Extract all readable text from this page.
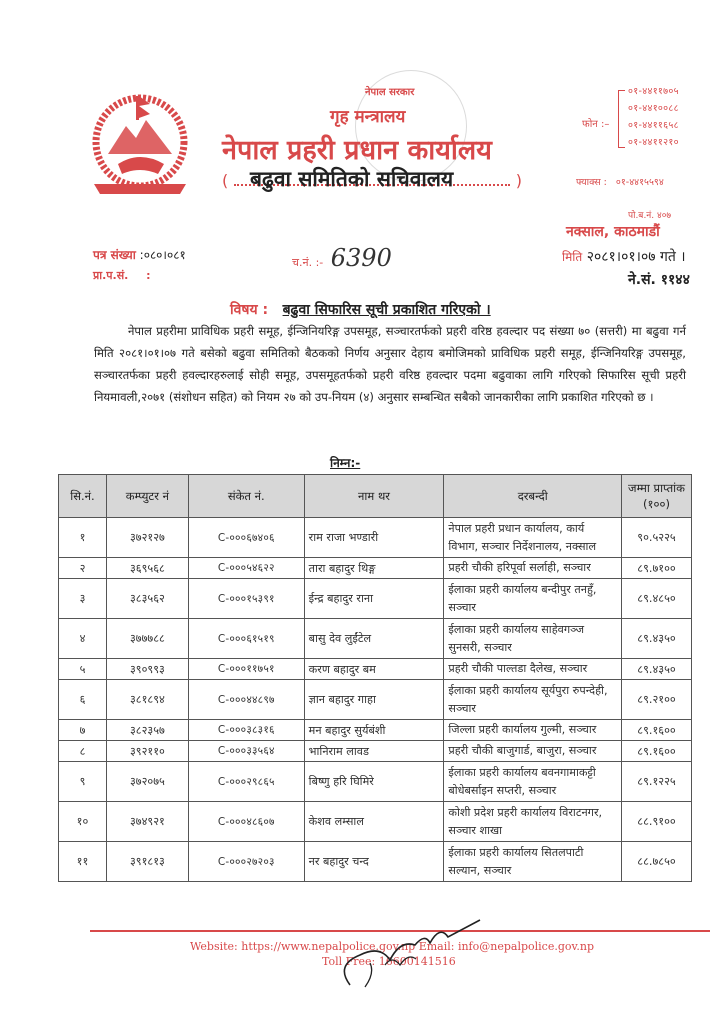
नेपाल सरकार
गृह मन्त्रालय
नेपाल प्रहरी प्रधान कार्यालय
( बढुवा समितिको सचिवालय	)
फोन :–
०१-४४११७०५
०१-४४१००८८
०१-४४११६५८
०१-४४११२१०
फ्याक्स : ०१-४४१५५९४
पो.ब.नं. ४०७
नक्साल, काठमाडौं
मिति २०८१।०१।०७ गते ।
ने.सं. ११४४
पत्र संख्या :०८०।०८१
प्रा.प.सं. :
च.नं. :- 6390
विषय : बढुवा सिफारिस सूची प्रकाशित गरिएको ।
नेपाल प्रहरीमा प्राविधिक प्रहरी समूह, ईन्जिनियरिङ्ग उपसमूह, सञ्चारतर्फको प्रहरी वरिष्ठ हवल्दार पद संख्या ७० (सत्तरी) मा बढुवा गर्न मिति २०८१।०१।०७ गते बसेको बढुवा समितिको बैठकको निर्णय अनुसार देहाय बमोजिमको प्राविधिक प्रहरी समूह, ईन्जिनियरिङ्ग उपसमूह, सञ्चारतर्फका प्रहरी हवल्दारहरुलाई सोही समूह, उपसमूहतर्फको प्रहरी वरिष्ठ हवल्दार पदमा बढुवाका लागि गरिएको सिफारिस सूची प्रहरी नियमावली,२०७१ (संशोधन सहित) को नियम २७ को उप-नियम (४) अनुसार सम्बन्धित सबैको जानकारीका लागि प्रकाशित गरिएको छ ।
निम्न:-
सि.नं.	कम्प्युटर नं	संकेत नं.	नाम थर	दरबन्दी	जम्मा प्राप्तांक (१००)
१	३७२१२७	C-०००६७४०६	राम राजा भण्डारी	नेपाल प्रहरी प्रधान कार्यालय, कार्य विभाग, सञ्चार निर्देशनालय, नक्साल	९०.५२२५
२	३६९५६८	C-०००५४६२२	तारा बहादुर थिङ्ग	प्रहरी चौकी हरिपूर्वा सर्लाही, सञ्चार	८९.७१००
३	३८३५६२	C-०००१५३९१	ईन्द्र बहादुर राना	ईलाका प्रहरी कार्यालय बन्दीपुर तनहुँ, सञ्चार	८९.४८५०
४	३७७७८८	C-०००६१५१९	बासु देव लुईंटेल	ईलाका प्रहरी कार्यालय साहेवगञ्ज सुनसरी, सञ्चार	८९.४३५०
५	३९०९९३	C-०००११७५१	करण बहादुर बम	प्रहरी चौकी पाल्तडा दैलेख, सञ्चार	८९.४३५०
६	३८१८९४	C-०००४४८९७	ज्ञान बहादुर गाहा	ईलाका प्रहरी कार्यालय सूर्यपुरा रुपन्देही, सञ्चार	८९.२१००
७	३८२३५७	C-०००३८३१६	मन बहादुर सुर्यबंशी	जिल्ला प्रहरी कार्यालय गुल्मी, सञ्चार	८९.१६००
८	३९२११०	C-०००३३५६४	भानिराम लावड	प्रहरी चौकी बाजुगार्ड, बाजुरा, सञ्चार	८९.१६००
९	३७२०७५	C-०००२९८६५	बिष्णु हरि घिमिरे	ईलाका प्रहरी कार्यालय बवनगामाकट्टी बोधेबर्साइन सप्तरी, सञ्चार	८९.१२२५
१०	३७४९२१	C-०००४८६०७	केशव लम्साल	कोशी प्रदेश प्रहरी कार्यालय विराटनगर, सञ्चार शाखा	८८.९१००
११	३९१८१३	C-०००२७२०३	नर बहादुर चन्द	ईलाका प्रहरी कार्यालय सितलपाटी सल्यान, सञ्चार	८८.७८५०
Website: https://www.nepalpolice.gov.np Email: info@nepalpolice.gov.np
Toll Free: 16600141516
